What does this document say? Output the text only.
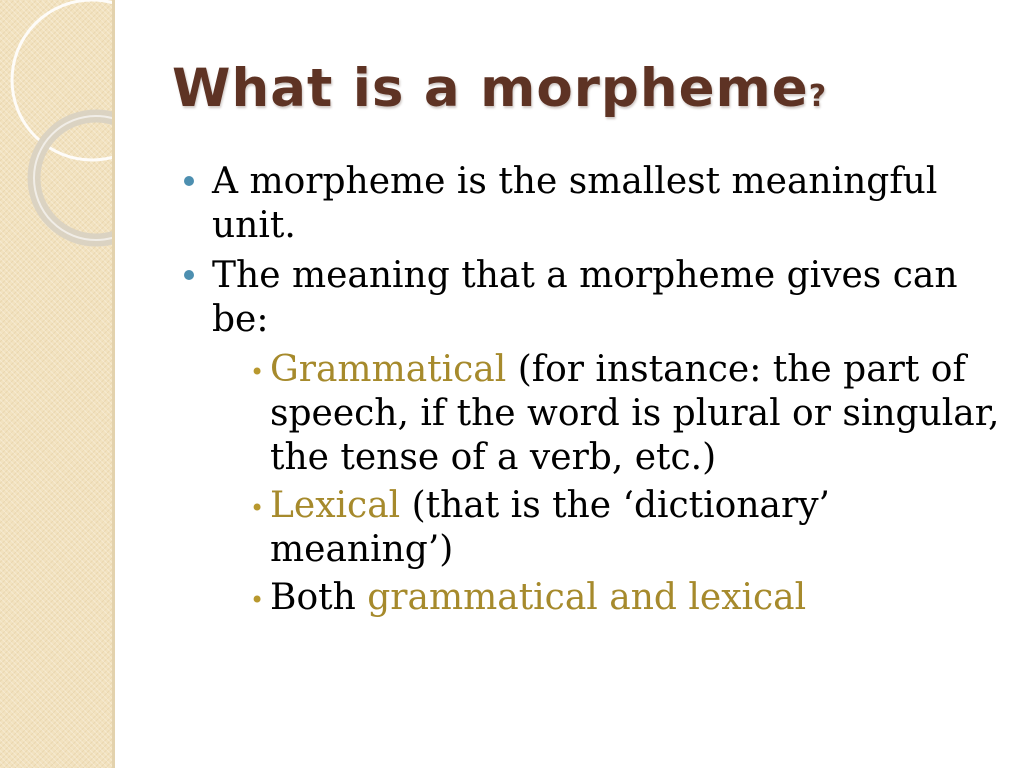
What is a morpheme?
A morpheme is the smallest meaningful unit.
The meaning that a morpheme gives can be:
• Grammatical (for instance: the part of speech, if the word is plural or singular, the tense of a verb, etc.)
• Lexical (that is the ‘dictionary’ meaning’)
• Both grammatical and lexical
